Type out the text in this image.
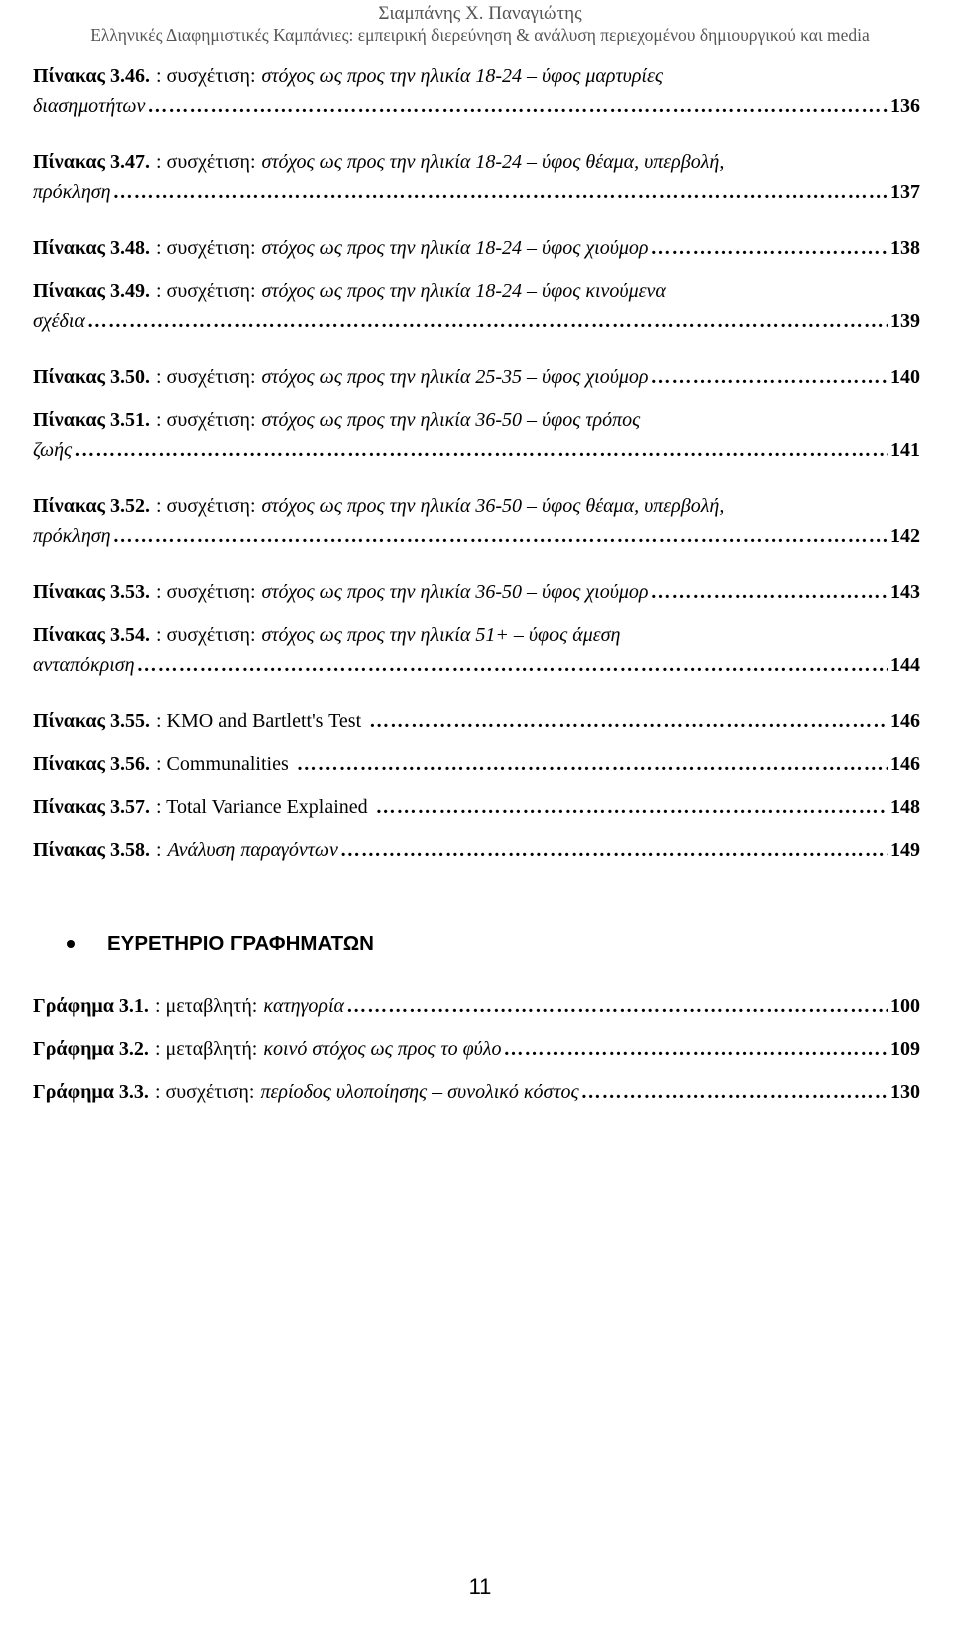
Σιαμπάνης Χ. Παναγιώτης
Ελληνικές Διαφημιστικές Καμπάνιες: εμπειρική διερεύνηση & ανάλυση περιεχομένου δημιουργικού και media
Πίνακας 3.46. : συσχέτιση: στόχος ως προς την ηλικία 18-24 – ύφος μαρτυρίες
διασημοτήτων …………………………………………………………………………………………………………………………………………………………………	136
Πίνακας 3.47. : συσχέτιση: στόχος ως προς την ηλικία 18-24 – ύφος θέαμα, υπερβολή,
πρόκληση …………………………………………………………………………………………………………………………………………………………………	137
Πίνακας 3.48. : συσχέτιση: στόχος ως προς την ηλικία 18-24 – ύφος χιούμορ …………………………………………………………………………………………………………………………………………………………………	138
Πίνακας 3.49. : συσχέτιση: στόχος ως προς την ηλικία 18-24 – ύφος κινούμενα
σχέδια …………………………………………………………………………………………………………………………………………………………………	139
Πίνακας 3.50. : συσχέτιση: στόχος ως προς την ηλικία 25-35 – ύφος χιούμορ …………………………………………………………………………………………………………………………………………………………………	140
Πίνακας 3.51. : συσχέτιση: στόχος ως προς την ηλικία 36-50 – ύφος τρόπος
ζωής …………………………………………………………………………………………………………………………………………………………………	141
Πίνακας 3.52. : συσχέτιση: στόχος ως προς την ηλικία 36-50 – ύφος θέαμα, υπερβολή,
πρόκληση …………………………………………………………………………………………………………………………………………………………………	142
Πίνακας 3.53. : συσχέτιση: στόχος ως προς την ηλικία 36-50 – ύφος χιούμορ …………………………………………………………………………………………………………………………………………………………………	143
Πίνακας 3.54. : συσχέτιση: στόχος ως προς την ηλικία 51+ – ύφος άμεση
ανταπόκριση …………………………………………………………………………………………………………………………………………………………………	144
Πίνακας 3.55. : KMO and Bartlett's Test …………………………………………………………………………………………………………………………………………………………………	146
Πίνακας 3.56. : Communalities …………………………………………………………………………………………………………………………………………………………………	146
Πίνακας 3.57. : Total Variance Explained …………………………………………………………………………………………………………………………………………………………………	148
Πίνακας 3.58. : Ανάλυση παραγόντων …………………………………………………………………………………………………………………………………………………………………	149
ΕΥΡΕΤΗΡΙΟ ΓΡΑΦΗΜΑΤΩΝ
Γράφημα 3.1. : μεταβλητή: κατηγορία …………………………………………………………………………………………………………………………………………………………………	100
Γράφημα 3.2. : μεταβλητή: κοινό στόχος ως προς το φύλο …………………………………………………………………………………………………………………………………………………………………	109
Γράφημα 3.3. : συσχέτιση: περίοδος υλοποίησης – συνολικό κόστος …………………………………………………………………………………………………………………………………………………………………	130
11
